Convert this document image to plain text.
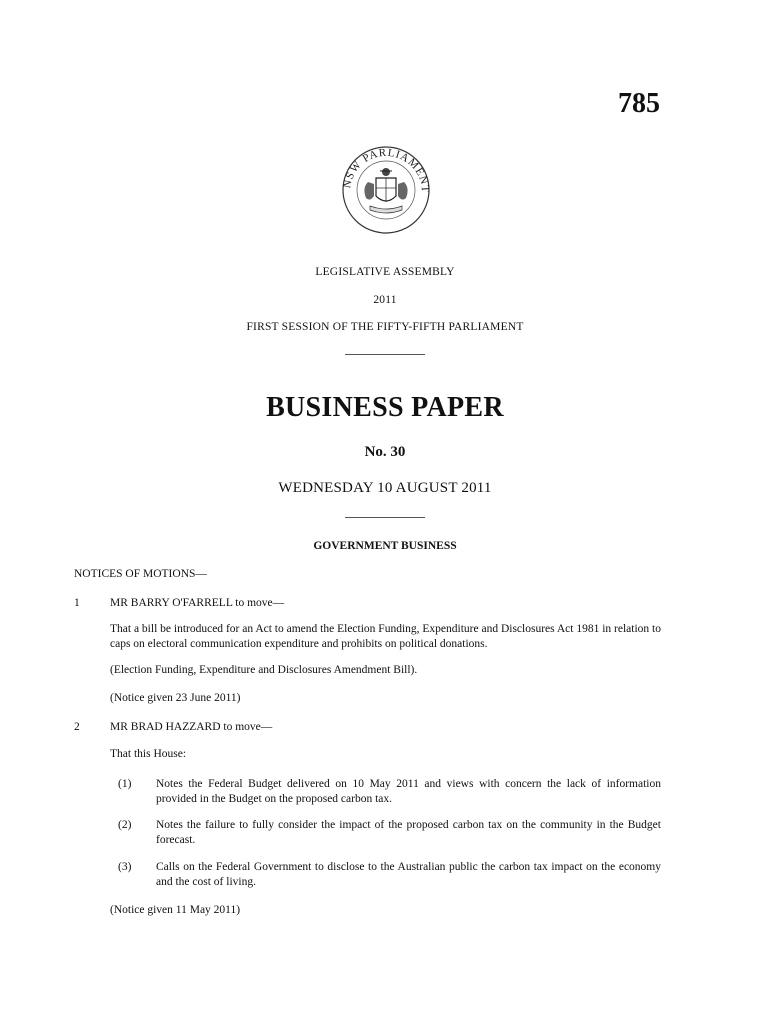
785
NSW PARLIAMENT
LEGISLATIVE ASSEMBLY
2011
FIRST SESSION OF THE FIFTY-FIFTH PARLIAMENT
BUSINESS PAPER
No. 30
WEDNESDAY 10 AUGUST 2011
GOVERNMENT BUSINESS
NOTICES OF MOTIONS—
1	MR BARRY O'FARRELL to move—
That a bill be introduced for an Act to amend the Election Funding, Expenditure and Disclosures Act 1981 in relation to caps on electoral communication expenditure and prohibits on political donations.
(Election Funding, Expenditure and Disclosures Amendment Bill).
(Notice given 23 June 2011)
2	MR BRAD HAZZARD to move—
That this House:
(1) Notes the Federal Budget delivered on 10 May 2011 and views with concern the lack of information provided in the Budget on the proposed carbon tax.
(2) Notes the failure to fully consider the impact of the proposed carbon tax on the community in the Budget forecast.
(3) Calls on the Federal Government to disclose to the Australian public the carbon tax impact on the economy and the cost of living.
(Notice given 11 May 2011)
